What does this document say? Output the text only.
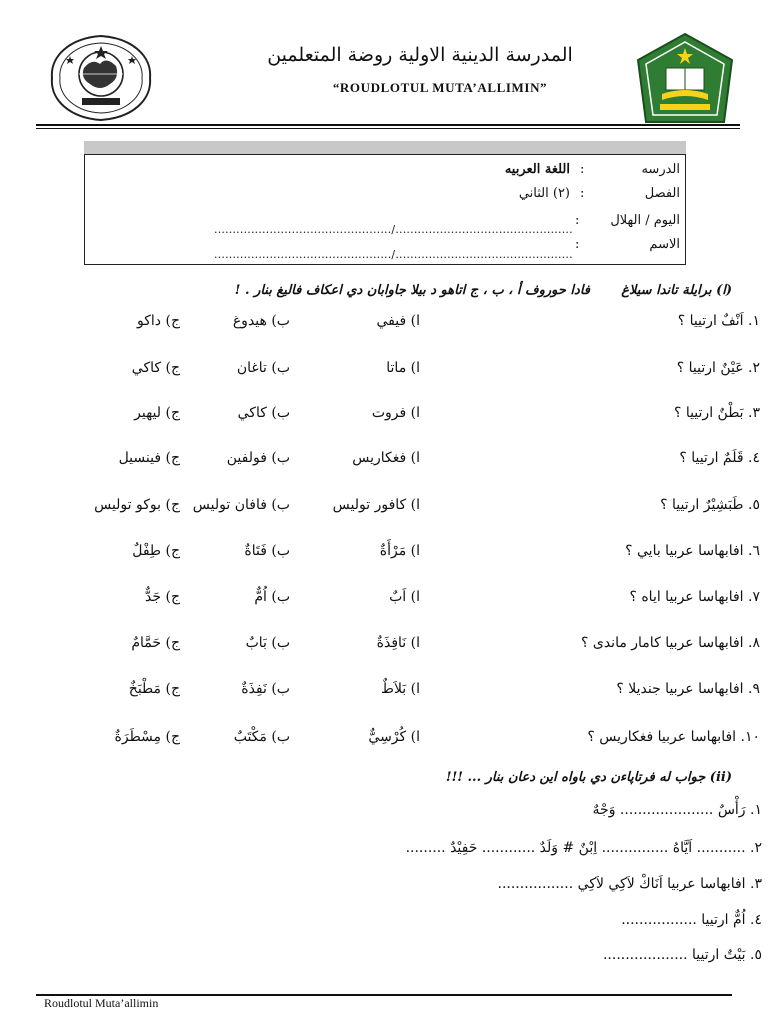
المدرسة الدينية الاولية روضة المتعلمين
“ROUDLOTUL MUTA’ALLIMIN”
الدرسه
:
اللغة العربيه
الفصل
:
(٢) الثاني
اليوم / الهلال
:
................................................/................................................
الاسم
:
................................................/................................................
(ا) برايلة تاندا سيلاغ
فادا حوروف أ ، ب ، ج اتاهو د بيلا جاوابان دي اعكاف فاليغ بنار . !
١. اَنْفٌ ارتييا ؟
ا) فيفي
ب) هيدوغ
ج) داكو
٢. عَيْنٌ ارتييا ؟
ا) ماتا
ب) تاغان
ج) كاكي
٣. بَطْنٌ ارتييا ؟
ا) فروت
ب) كاكي
ج) ليهير
٤. قَلَمٌ ارتييا ؟
ا) فغكاريس
ب) فولفين
ج) فينسيل
٥. طَبَشِيْرٌ ارتييا ؟
ا) كافور توليس
ب) فافان توليس
ج) بوكو توليس
٦. افابهاسا عربيا بايي ؟
ا) مَرْأَةٌ
ب) فَتَاةٌ
ج) طِفْلٌ
٧. افابهاسا عربيا اياه ؟
ا) اَبٌ
ب) اُمٌّ
ج) جَدٌّ
٨. افابهاسا عربيا كامار ماندى ؟
ا) نَافِذَةٌ
ب) بَابٌ
ج) حَمَّامٌ
٩. افابهاسا عربيا جنديلا ؟
ا) بَلاَطٌ
ب) نَفِذَةٌ
ج) مَطْبَخٌ
١٠. افابهاسا عربيا فغكاريس ؟
ا) كُرْسِيٌّ
ب) مَكْتَبٌ
ج) مِسْطَرَةٌ
(ii) جواب له فرتاپاءن دي باواه اين دعان بنار ... !!!
١. رَأْسٌ ..................... وَجْهٌ
٢. ........... اَيَّاهُ ............... اِبْنٌ # وَلَدٌ ............ حَفِيْدٌ .........
٣. افابهاسا عربيا اَنَاكْ لاَكِي لاَكِي .................
٤. اُمٌّ ارتييا .................
٥. بَيْتٌ ارتييا ...................
Roudlotul Muta’allimin
